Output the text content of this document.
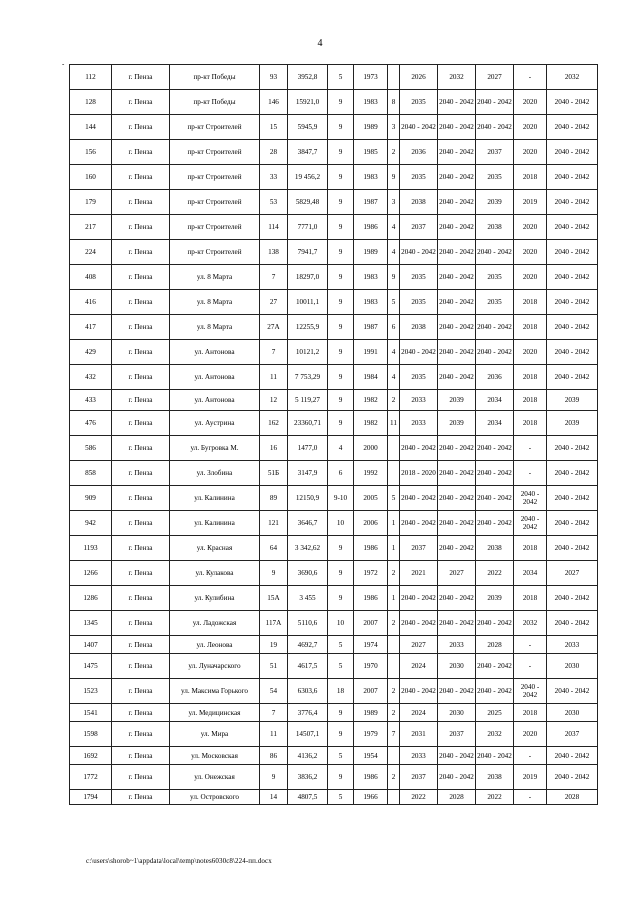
4
-
112	г. Пенза	пр-кт Победы	93	3952,8	5	1973		2026	2032	2027	-	2032
128	г. Пенза	пр-кт Победы	146	15921,0	9	1983	8	2035	2040 - 2042	2040 - 2042	2020	2040 - 2042
144	г. Пенза	пр-кт Строителей	15	5945,9	9	1989	3	2040 - 2042	2040 - 2042	2040 - 2042	2020	2040 - 2042
156	г. Пенза	пр-кт Строителей	28	3847,7	9	1985	2	2036	2040 - 2042	2037	2020	2040 - 2042
160	г. Пенза	пр-кт Строителей	33	19 456,2	9	1983	9	2035	2040 - 2042	2035	2018	2040 - 2042
179	г. Пенза	пр-кт Строителей	53	5829,48	9	1987	3	2038	2040 - 2042	2039	2019	2040 - 2042
217	г. Пенза	пр-кт Строителей	114	7771,0	9	1986	4	2037	2040 - 2042	2038	2020	2040 - 2042
224	г. Пенза	пр-кт Строителей	138	7941,7	9	1989	4	2040 - 2042	2040 - 2042	2040 - 2042	2020	2040 - 2042
408	г. Пенза	ул. 8 Марта	7	18297,0	9	1983	9	2035	2040 - 2042	2035	2020	2040 - 2042
416	г. Пенза	ул. 8 Марта	27	10011,1	9	1983	5	2035	2040 - 2042	2035	2018	2040 - 2042
417	г. Пенза	ул. 8 Марта	27А	12255,9	9	1987	6	2038	2040 - 2042	2040 - 2042	2018	2040 - 2042
429	г. Пенза	ул. Антонова	7	10121,2	9	1991	4	2040 - 2042	2040 - 2042	2040 - 2042	2020	2040 - 2042
432	г. Пенза	ул. Антонова	11	7 753,29	9	1984	4	2035	2040 - 2042	2036	2018	2040 - 2042
433	г. Пенза	ул. Антонова	12	5 119,27	9	1982	2	2033	2039	2034	2018	2039
476	г. Пенза	ул. Аустрина	162	23360,71	9	1982	11	2033	2039	2034	2018	2039
586	г. Пенза	ул. Бугровка М.	16	1477,0	4	2000		2040 - 2042	2040 - 2042	2040 - 2042	-	2040 - 2042
858	г. Пенза	ул. Злобина	51Б	3147,9	6	1992		2018 - 2020	2040 - 2042	2040 - 2042	-	2040 - 2042
909	г. Пенза	ул. Калинина	89	12150,9	9-10	2005	5	2040 - 2042	2040 - 2042	2040 - 2042	2040 - 2042	2040 - 2042
942	г. Пенза	ул. Калинина	121	3646,7	10	2006	1	2040 - 2042	2040 - 2042	2040 - 2042	2040 - 2042	2040 - 2042
1193	г. Пенза	ул. Красная	64	3 342,62	9	1986	1	2037	2040 - 2042	2038	2018	2040 - 2042
1266	г. Пенза	ул. Кулакова	9	3690,6	9	1972	2	2021	2027	2022	2034	2027
1286	г. Пенза	ул. Кулибина	15А	3 455	9	1986	1	2040 - 2042	2040 - 2042	2039	2018	2040 - 2042
1345	г. Пенза	ул. Ладожская	117А	5110,6	10	2007	2	2040 - 2042	2040 - 2042	2040 - 2042	2032	2040 - 2042
1407	г. Пенза	ул. Леонова	19	4692,7	5	1974		2027	2033	2028	-	2033
1475	г. Пенза	ул. Луначарского	51	4617,5	5	1970		2024	2030	2040 - 2042	-	2030
1523	г. Пенза	ул. Максима Горького	54	6303,6	18	2007	2	2040 - 2042	2040 - 2042	2040 - 2042	2040 - 2042	2040 - 2042
1541	г. Пенза	ул. Медицинская	7	3776,4	9	1989	2	2024	2030	2025	2018	2030
1598	г. Пенза	ул. Мира	11	14507,1	9	1979	7	2031	2037	2032	2020	2037
1692	г. Пенза	ул. Московская	86	4136,2	5	1954		2033	2040 - 2042	2040 - 2042	-	2040 - 2042
1772	г. Пенза	ул. Онежская	9	3836,2	9	1986	2	2037	2040 - 2042	2038	2019	2040 - 2042
1794	г. Пенза	ул. Островского	14	4807,5	5	1966		2022	2028	2022	-	2028
c:\users\shorob~1\appdata\local\temp\notes6030c8\224-пп.docx
